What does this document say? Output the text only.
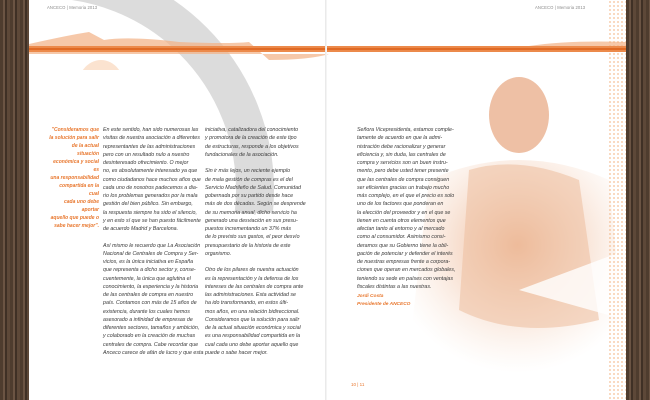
ANCECO | Memoria 2013	ANCECO | Memoria 2013
"Consideramos que
la solución para salir
de la actual situación
económica y social es
una responsabilidad
compartida en la cual
cada uno debe aportar
aquello que puede o
sabe hacer mejor".
En este sentido, han sido numerosas las
visitas de nuestra asociación a diferentes
representantes de las administraciones
pero con un resultado nulo a nuestro
desinteresado ofrecimiento. O mejor
no, es absolutamente interesado ya que
como ciudadanos hace muchos años que
cada uno de nosotros padecemos a dia-
rio los problemas generados por la mala
gestión del bien público. Sin embargo,
la respuesta siempre ha sido el silencio,
y en esto sí que se han puesto fácilmente
de acuerdo Madrid y Barcelona.
Así mismo le recuerdo que La Asociación
Nacional de Centrales de Compra y Ser-
vicios, es la única iniciativa en España
que representa a dicho sector y, conse-
cuentemente, la única que aglutina el
conocimiento, la experiencia y la historia
de las centrales de compra en nuestro
país. Contamos con más de 15 años de
existencia, durante los cuales hemos
asesorado a infinidad de empresas de
diferentes sectores, tamaños y ambición,
y colaborado en la creación de muchas
centrales de compra. Cabe recordar que
Anceco carece de afán de lucro y que esta
iniciativa, catalizadora del conocimiento
y promotora de la creación de este tipo
de estructuras, responde a los objetivos
fundacionales de la asociación.
Sin ir más lejos, un reciente ejemplo
de mala gestión de compras es el del
Servicio Madrileño de Salud. Comunidad
gobernada por su partido desde hace
más de dos décadas. Según se desprende
de su memoria anual, dicho servicio ha
generado una desviación en sus presu-
puestos incrementando un 37% más
de lo previsto sus gastos, el peor desvío
presupuestario de la historia de este
organismo.
Otro de los pilares de nuestra actuación
es la representación y la defensa de los
intereses de las centrales de compra ante
las administraciones. Esta actividad se
ha ido transformando, en estos últi-
mos años, en una relación bidireccional.
Consideramos que la solución para salir
de la actual situación económica y social
es una responsabilidad compartida en la
cual cada uno debe aportar aquello que
puede o sabe hacer mejor.
Señora Vicepresidenta, estamos comple-
tamente de acuerdo en que la admi-
nistración debe racionalizar y generar
eficiencia y, sin duda, las centrales de
compra y servicios son un buen instru-
mento, pero debe usted tener presente
que las centrales de compra consiguen
ser eficientes gracias un trabajo mucho
más complejo, en el que el precio es solo
uno de los factores que ponderan en
la elección del proveedor y en el que se
tienen en cuenta otros elementos que
afectan tanto al entorno y al mercado
como al consumidor. Asimismo consi-
deramos que su Gobierno tiene la obli-
gación de potenciar y defender el interés
de nuestras empresas frente a corpora-
ciones que operan en mercados globales,
teniendo su sede en países con ventajas
fiscales distintas a las nuestras.
Jordi Costa
Presidente de ANCECO
10 | 11
